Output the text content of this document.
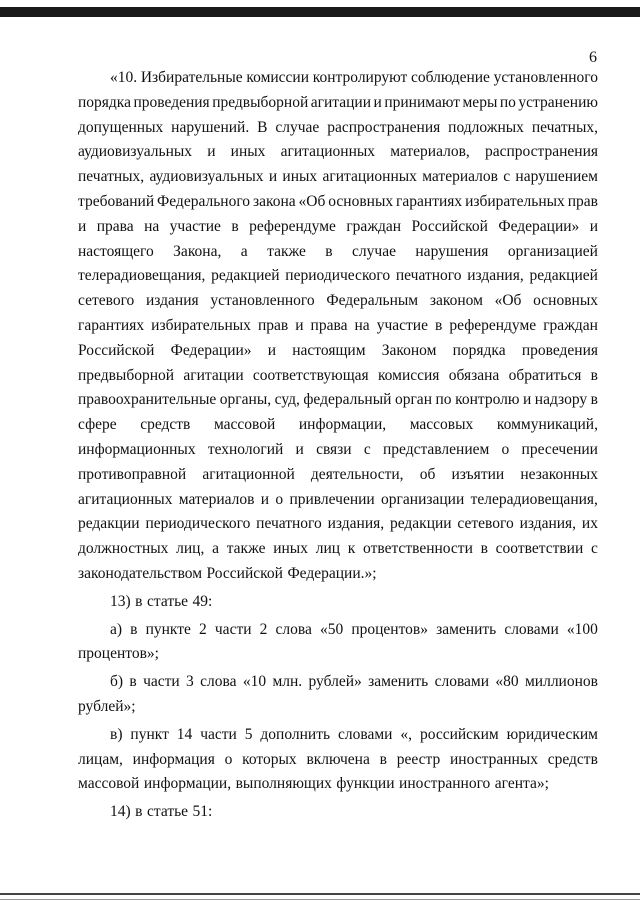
6
«10. Избирательные комиссии контролируют соблюдение установленного
порядка проведения предвыборной агитации и принимают меры по устранению
допущенных нарушений. В случае распространения подложных печатных,
аудиовизуальных и иных агитационных материалов, распространения
печатных, аудиовизуальных и иных агитационных материалов с нарушением
требований Федерального закона «Об основных гарантиях избирательных прав
и права на участие в референдуме граждан Российской Федерации» и
настоящего Закона, а также в случае нарушения организацией
телерадиовещания, редакцией периодического печатного издания, редакцией
сетевого издания установленного Федеральным законом «Об основных
гарантиях избирательных прав и права на участие в референдуме граждан
Российской Федерации» и настоящим Законом порядка проведения
предвыборной агитации соответствующая комиссия обязана обратиться в
правоохранительные органы, суд, федеральный орган по контролю и надзору в
сфере средств массовой информации, массовых коммуникаций,
информационных технологий и связи с представлением о пресечении
противоправной агитационной деятельности, об изъятии незаконных
агитационных материалов и о привлечении организации телерадиовещания,
редакции периодического печатного издания, редакции сетевого издания, их
должностных лиц, а также иных лиц к ответственности в соответствии с
законодательством Российской Федерации.»;
13) в статье 49:
а) в пункте 2 части 2 слова «50 процентов» заменить словами «100
процентов»;
б) в части 3 слова «10 млн. рублей» заменить словами «80 миллионов
рублей»;
в) пункт 14 части 5 дополнить словами «, российским юридическим
лицам, информация о которых включена в реестр иностранных средств
массовой информации, выполняющих функции иностранного агента»;
14) в статье 51:
